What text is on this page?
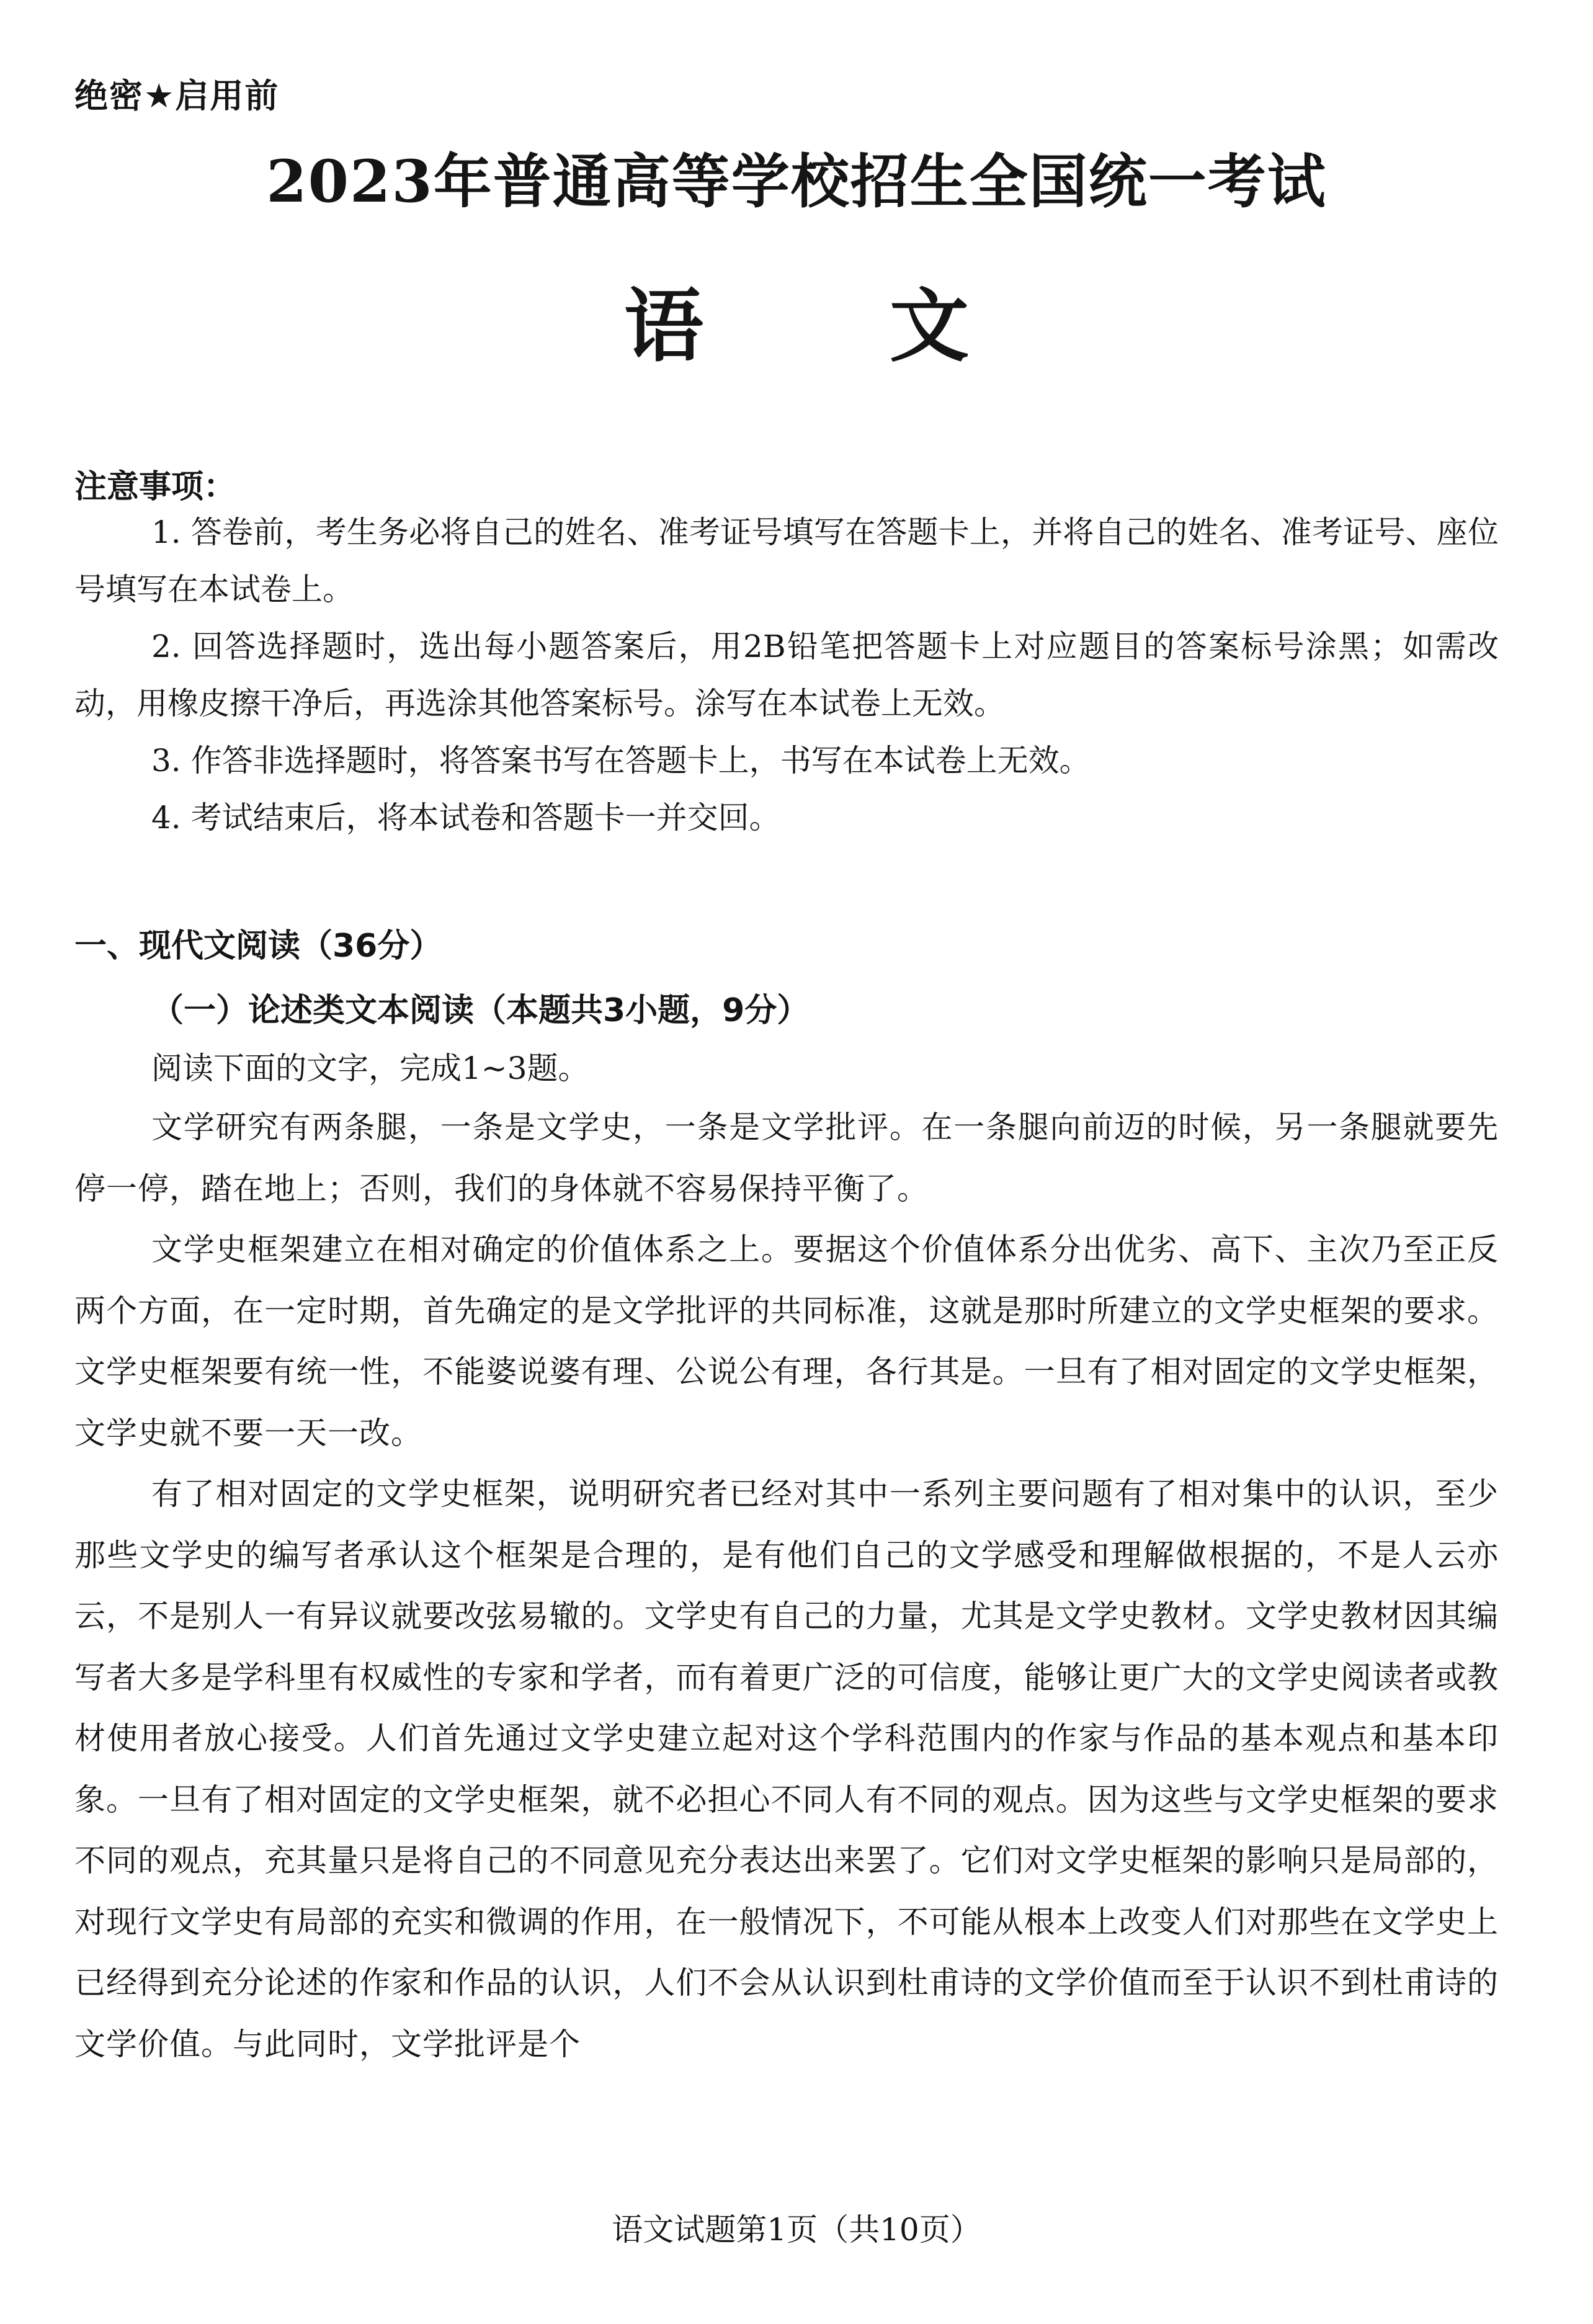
绝密★启用前
2023年普通高等学校招生全国统一考试
语文
注意事项：

1. 答卷前，考生务必将自己的姓名、准考证号填写在答题卡上，并将自己的姓名、准考证号、座位号填写在本试卷上。

2. 回答选择题时，选出每小题答案后，用2B铅笔把答题卡上对应题目的答案标号涂黑；如需改动，用橡皮擦干净后，再选涂其他答案标号。涂写在本试卷上无效。

3. 作答非选择题时，将答案书写在答题卡上，书写在本试卷上无效。

4. 考试结束后，将本试卷和答题卡一并交回。

一、现代文阅读（36分）
（一）论述类文本阅读（本题共3小题，9分）
阅读下面的文字，完成1~3题。

文学研究有两条腿，一条是文学史，一条是文学批评。在一条腿向前迈的时候，另一条腿就要先停一停，踏在地上；否则，我们的身体就不容易保持平衡了。

文学史框架建立在相对确定的价值体系之上。要据这个价值体系分出优劣、高下、主次乃至正反两个方面，在一定时期，首先确定的是文学批评的共同标准，这就是那时所建立的文学史框架的要求。文学史框架要有统一性，不能婆说婆有理、公说公有理，各行其是。一旦有了相对固定的文学史框架，文学史就不要一天一改。

有了相对固定的文学史框架，说明研究者已经对其中一系列主要问题有了相对集中的认识，至少那些文学史的编写者承认这个框架是合理的，是有他们自己的文学感受和理解做根据的，不是人云亦云，不是别人一有异议就要改弦易辙的。文学史有自己的力量，尤其是文学史教材。文学史教材因其编写者大多是学科里有权威性的专家和学者，而有着更广泛的可信度，能够让更广大的文学史阅读者或教材使用者放心接受。人们首先通过文学史建立起对这个学科范围内的作家与作品的基本观点和基本印象。一旦有了相对固定的文学史框架，就不必担心不同人有不同的观点。因为这些与文学史框架的要求不同的观点，充其量只是将自己的不同意见充分表达出来罢了。它们对文学史框架的影响只是局部的，对现行文学史有局部的充实和微调的作用，在一般情况下，不可能从根本上改变人们对那些在文学史上已经得到充分论述的作家和作品的认识，人们不会从认识到杜甫诗的文学价值而至于认识不到杜甫诗的文学价值。与此同时，文学批评是个

语文试题第1页（共10页）
